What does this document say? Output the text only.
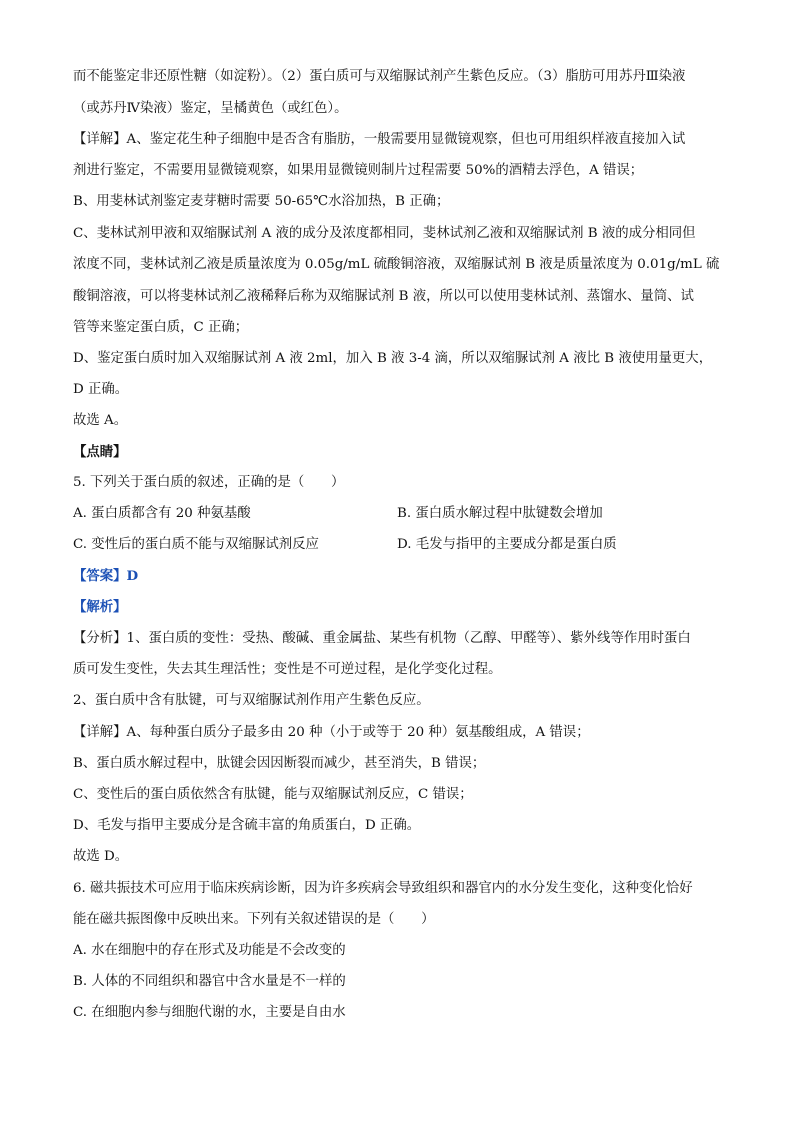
而不能鉴定非还原性糖（如淀粉）。（2）蛋白质可与双缩脲试剂产生紫色反应。（3）脂肪可用苏丹Ⅲ染液
（或苏丹Ⅳ染液）鉴定，呈橘黄色（或红色）。
【详解】A、鉴定花生种子细胞中是否含有脂肪，一般需要用显微镜观察，但也可用组织样液直接加入试
剂进行鉴定，不需要用显微镜观察，如果用显微镜则制片过程需要 50%的酒精去浮色，A 错误；
B、用斐林试剂鉴定麦芽糖时需要 50-65℃水浴加热，B 正确；
C、斐林试剂甲液和双缩脲试剂 A 液的成分及浓度都相同，斐林试剂乙液和双缩脲试剂 B 液的成分相同但
浓度不同，斐林试剂乙液是质量浓度为 0.05g/mL 硫酸铜溶液，双缩脲试剂 B 液是质量浓度为 0.01g/mL 硫
酸铜溶液，可以将斐林试剂乙液稀释后称为双缩脲试剂 B 液，所以可以使用斐林试剂、蒸馏水、量筒、试
管等来鉴定蛋白质，C 正确；
D、鉴定蛋白质时加入双缩脲试剂 A 液 2ml，加入 B 液 3-4 滴，所以双缩脲试剂 A 液比 B 液使用量更大，
D 正确。
故选 A。
【点睛】
5. 下列关于蛋白质的叙述，正确的是（　　）
A. 蛋白质都含有 20 种氨基酸	B. 蛋白质水解过程中肽键数会增加
C. 变性后的蛋白质不能与双缩脲试剂反应	D. 毛发与指甲的主要成分都是蛋白质
【答案】D
【解析】
【分析】1、蛋白质的变性：受热、酸碱、重金属盐、某些有机物（乙醇、甲醛等）、紫外线等作用时蛋白
质可发生变性，失去其生理活性；变性是不可逆过程，是化学变化过程。
2、蛋白质中含有肽键，可与双缩脲试剂作用产生紫色反应。
【详解】A、每种蛋白质分子最多由 20 种（小于或等于 20 种）氨基酸组成，A 错误；
B、蛋白质水解过程中，肽键会因因断裂而减少，甚至消失，B 错误；
C、变性后的蛋白质依然含有肽键，能与双缩脲试剂反应，C 错误；
D、毛发与指甲主要成分是含硫丰富的角质蛋白，D 正确。
故选 D。
6. 磁共振技术可应用于临床疾病诊断，因为许多疾病会导致组织和器官内的水分发生变化，这种变化恰好
能在磁共振图像中反映出来。下列有关叙述错误的是（　　）
A. 水在细胞中的存在形式及功能是不会改变的
B. 人体的不同组织和器官中含水量是不一样的
C. 在细胞内参与细胞代谢的水，主要是自由水
